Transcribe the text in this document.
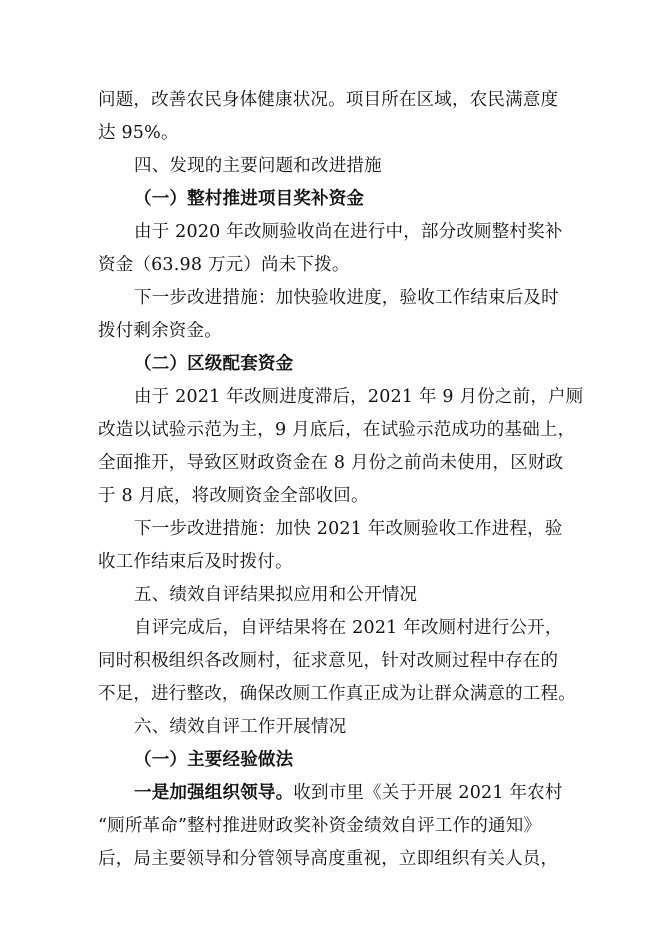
问题，改善农民身体健康状况。项目所在区域，农民满意度
达 95%。
四、发现的主要问题和改进措施
（一）整村推进项目奖补资金
由于 2020 年改厕验收尚在进行中，部分改厕整村奖补
资金（63.98 万元）尚未下拨。
下一步改进措施：加快验收进度，验收工作结束后及时
拨付剩余资金。
（二）区级配套资金
由于 2021 年改厕进度滞后，2021 年 9 月份之前，户厕
改造以试验示范为主，9 月底后，在试验示范成功的基础上，
全面推开，导致区财政资金在 8 月份之前尚未使用，区财政
于 8 月底，将改厕资金全部收回。
下一步改进措施：加快 2021 年改厕验收工作进程，验
收工作结束后及时拨付。
五、绩效自评结果拟应用和公开情况
自评完成后，自评结果将在 2021 年改厕村进行公开，
同时积极组织各改厕村，征求意见，针对改厕过程中存在的
不足，进行整改，确保改厕工作真正成为让群众满意的工程。
六、绩效自评工作开展情况
（一）主要经验做法
一是加强组织领导。收到市里《关于开展 2021 年农村
“厕所革命”整村推进财政奖补资金绩效自评工作的通知》
后，局主要领导和分管领导高度重视，立即组织有关人员，
